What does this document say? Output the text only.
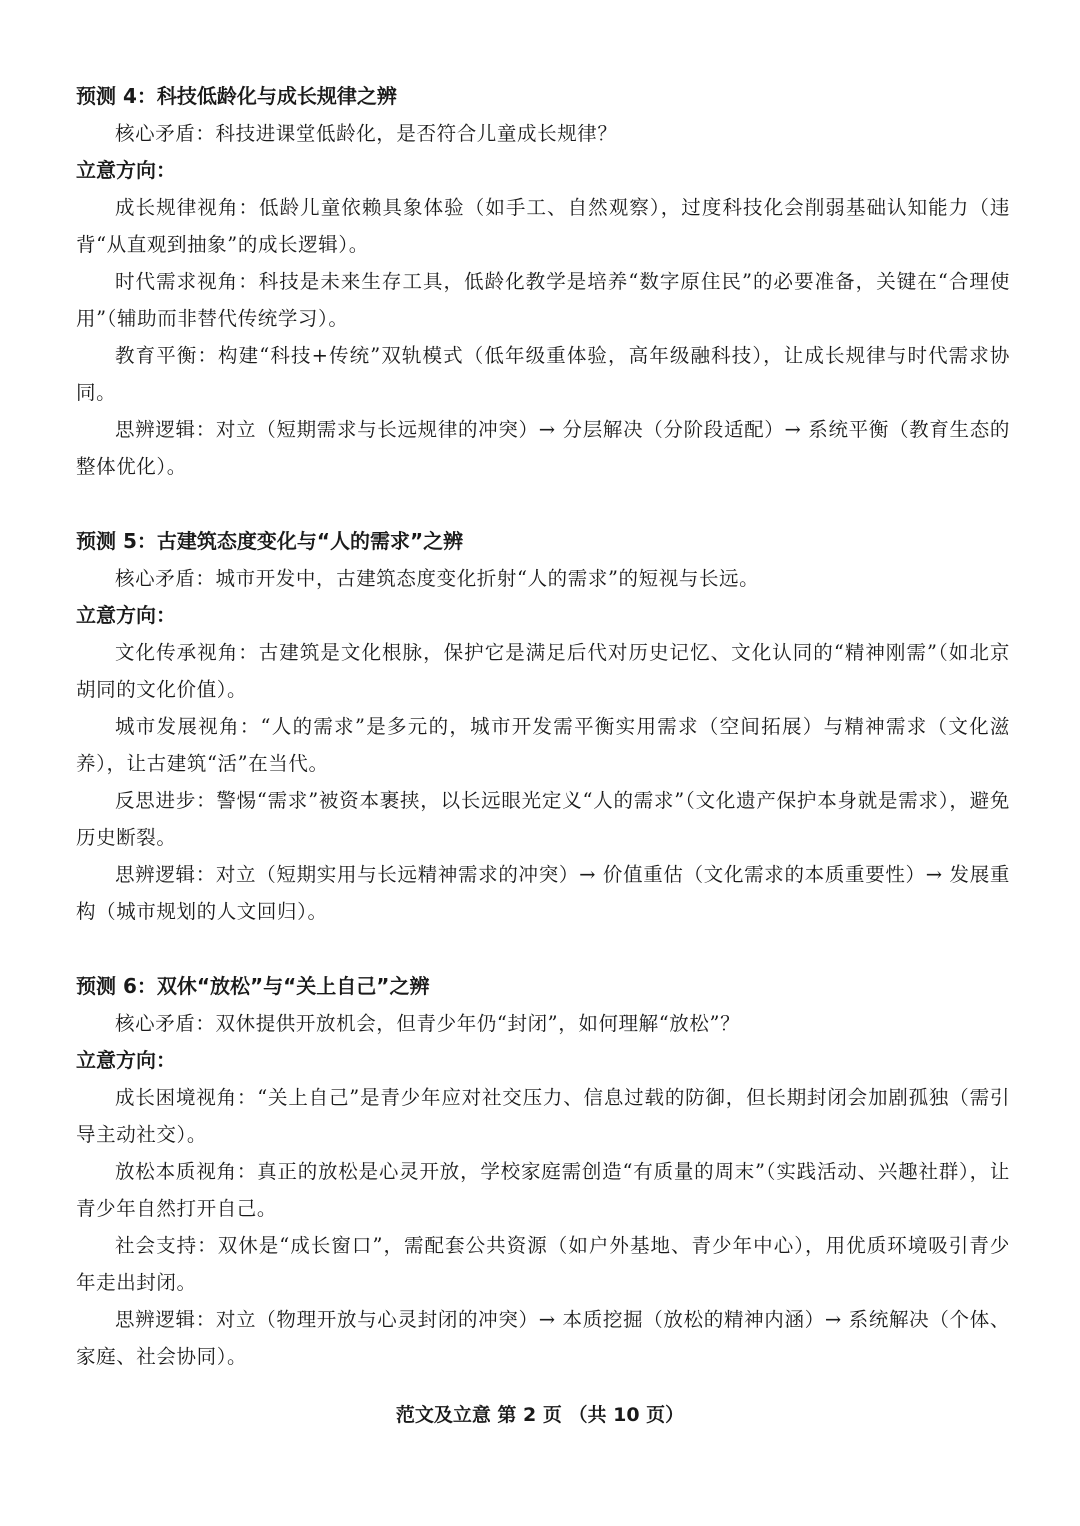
预测 4：科技低龄化与成长规律之辨

核心矛盾：科技进课堂低龄化，是否符合儿童成长规律？

立意方向：

成长规律视角：低龄儿童依赖具象体验（如手工、自然观察），过度科技化会削弱基础认知能力（违背“从直观到抽象”的成长逻辑）。

时代需求视角：科技是未来生存工具，低龄化教学是培养“数字原住民”的必要准备，关键在“合理使用”（辅助而非替代传统学习）。

教育平衡：构建“科技+传统”双轨模式（低年级重体验，高年级融科技），让成长规律与时代需求协同。

思辨逻辑：对立（短期需求与长远规律的冲突）→ 分层解决（分阶段适配）→ 系统平衡（教育生态的整体优化）。

预测 5：古建筑态度变化与“人的需求”之辨

核心矛盾：城市开发中，古建筑态度变化折射“人的需求”的短视与长远。

立意方向：

文化传承视角：古建筑是文化根脉，保护它是满足后代对历史记忆、文化认同的“精神刚需”（如北京胡同的文化价值）。

城市发展视角：“人的需求”是多元的，城市开发需平衡实用需求（空间拓展）与精神需求（文化滋养），让古建筑“活”在当代。

反思进步：警惕“需求”被资本裹挟，以长远眼光定义“人的需求”（文化遗产保护本身就是需求），避免历史断裂。

思辨逻辑：对立（短期实用与长远精神需求的冲突）→ 价值重估（文化需求的本质重要性）→ 发展重构（城市规划的人文回归）。

预测 6：双休“放松”与“关上自己”之辨

核心矛盾：双休提供开放机会，但青少年仍“封闭”，如何理解“放松”？

立意方向：

成长困境视角：“关上自己”是青少年应对社交压力、信息过载的防御，但长期封闭会加剧孤独（需引导主动社交）。

放松本质视角：真正的放松是心灵开放，学校家庭需创造“有质量的周末”（实践活动、兴趣社群），让青少年自然打开自己。

社会支持：双休是“成长窗口”，需配套公共资源（如户外基地、青少年中心），用优质环境吸引青少年走出封闭。

思辨逻辑：对立（物理开放与心灵封闭的冲突）→ 本质挖掘（放松的精神内涵）→ 系统解决（个体、家庭、社会协同）。

范文及立意 第 2 页 （共 10 页）
